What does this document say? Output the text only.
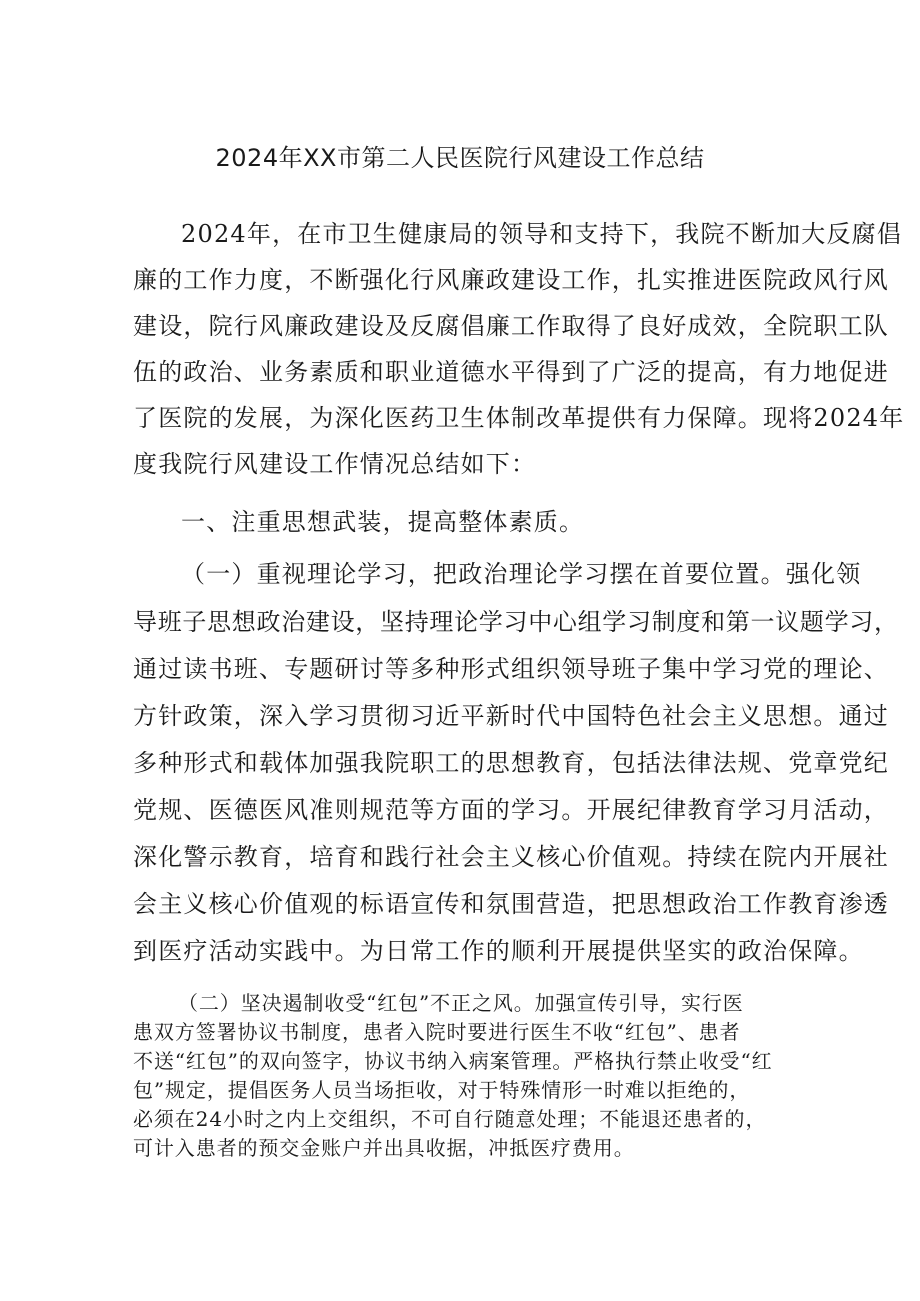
2024年XX市第二人民医院行风建设工作总结
2024年，在市卫生健康局的领导和支持下，我院不断加大反腐倡
廉的工作力度，不断强化行风廉政建设工作，扎实推进医院政风行风
建设，院行风廉政建设及反腐倡廉工作取得了良好成效，全院职工队
伍的政治、业务素质和职业道德水平得到了广泛的提高，有力地促进
了医院的发展，为深化医药卫生体制改革提供有力保障。现将2024年
度我院行风建设工作情况总结如下：
一、注重思想武装，提高整体素质。
（一）重视理论学习，把政治理论学习摆在首要位置。强化领
导班子思想政治建设，坚持理论学习中心组学习制度和第一议题学习，
通过读书班、专题研讨等多种形式组织领导班子集中学习党的理论、
方针政策，深入学习贯彻习近平新时代中国特色社会主义思想。通过
多种形式和载体加强我院职工的思想教育，包括法律法规、党章党纪
党规、医德医风准则规范等方面的学习。开展纪律教育学习月活动，
深化警示教育，培育和践行社会主义核心价值观。持续在院内开展社
会主义核心价值观的标语宣传和氛围营造，把思想政治工作教育渗透
到医疗活动实践中。为日常工作的顺利开展提供坚实的政治保障。
（二）坚决遏制收受“红包”不正之风。加强宣传引导，实行医
患双方签署协议书制度，患者入院时要进行医生不收“红包”、患者
不送“红包”的双向签字，协议书纳入病案管理。严格执行禁止收受“红
包”规定，提倡医务人员当场拒收，对于特殊情形一时难以拒绝的，
必须在24小时之内上交组织，不可自行随意处理；不能退还患者的，
可计入患者的预交金账户并出具收据，冲抵医疗费用。
